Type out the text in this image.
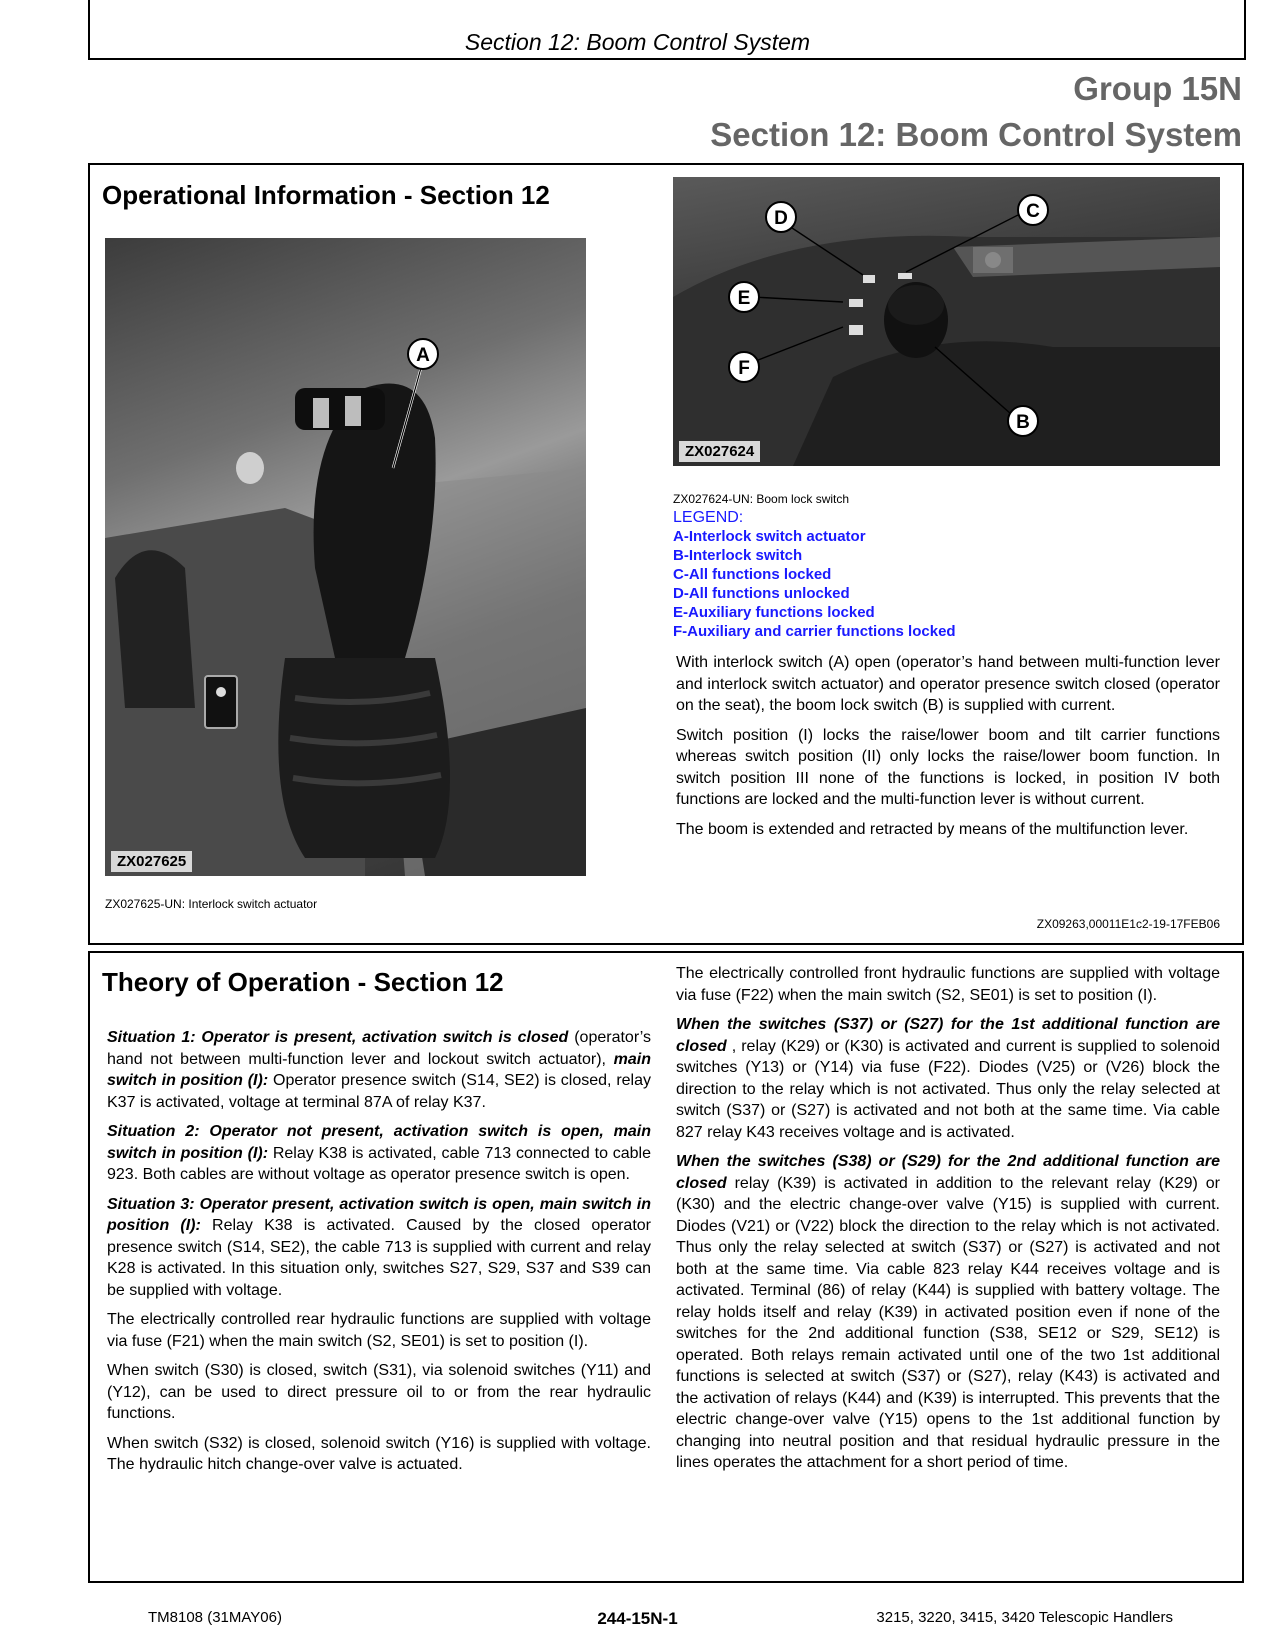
Section 12: Boom Control System
Group 15N
Section 12: Boom Control System
Operational Information - Section 12
A
ZX027625
ZX027625-UN: Interlock switch actuator
D	C
E
F
B
ZX027624
ZX027624-UN: Boom lock switch
LEGEND:
A-Interlock switch actuator
B-Interlock switch
C-All functions locked
D-All functions unlocked
E-Auxiliary functions locked
F-Auxiliary and carrier functions locked

With interlock switch (A) open (operator’s hand between multi-function lever and interlock switch actuator) and operator presence switch closed (operator on the seat), the boom lock switch (B) is supplied with current.

Switch position (I) locks the raise/lower boom and tilt carrier functions whereas switch position (II) only locks the raise/lower boom function. In switch position III none of the functions is locked, in position IV both functions are locked and the multi-function lever is without current.

The boom is extended and retracted by means of the multifunction lever.

ZX09263,00011E1c2-19-17FEB06
Theory of Operation - Section 12

Situation 1: Operator is present, activation switch is closed (operator’s hand not between multi-function lever and lockout switch actuator), main switch in position (I): Operator presence switch (S14, SE2) is closed, relay K37 is activated, voltage at terminal 87A of relay K37.

Situation 2: Operator not present, activation switch is open, main switch in position (I): Relay K38 is activated, cable 713 connected to cable 923. Both cables are without voltage as operator presence switch is open.

Situation 3: Operator present, activation switch is open, main switch in position (I): Relay K38 is activated. Caused by the closed operator presence switch (S14, SE2), the cable 713 is supplied with current and relay K28 is activated. In this situation only, switches S27, S29, S37 and S39 can be supplied with voltage.

The electrically controlled rear hydraulic functions are supplied with voltage via fuse (F21) when the main switch (S2, SE01) is set to position (I).

When switch (S30) is closed, switch (S31), via solenoid switches (Y11) and (Y12), can be used to direct pressure oil to or from the rear hydraulic functions.

When switch (S32) is closed, solenoid switch (Y16) is supplied with voltage. The hydraulic hitch change-over valve is actuated.

The electrically controlled front hydraulic functions are supplied with voltage via fuse (F22) when the main switch (S2, SE01) is set to position (I).

When the switches (S37) or (S27) for the 1st additional function are closed , relay (K29) or (K30) is activated and current is supplied to solenoid switches (Y13) or (Y14) via fuse (F22). Diodes (V25) or (V26) block the direction to the relay which is not activated. Thus only the relay selected at switch (S37) or (S27) is activated and not both at the same time. Via cable 827 relay K43 receives voltage and is activated.

When the switches (S38) or (S29) for the 2nd additional function are closed relay (K39) is activated in addition to the relevant relay (K29) or (K30) and the electric change-over valve (Y15) is supplied with current. Diodes (V21) or (V22) block the direction to the relay which is not activated. Thus only the relay selected at switch (S37) or (S27) is activated and not both at the same time. Via cable 823 relay K44 receives voltage and is activated. Terminal (86) of relay (K44) is supplied with battery voltage. The relay holds itself and relay (K39) in activated position even if none of the switches for the 2nd additional function (S38, SE12 or S29, SE12) is operated. Both relays remain activated until one of the two 1st additional functions is selected at switch (S37) or (S27), relay (K43) is activated and the activation of relays (K44) and (K39) is interrupted. This prevents that the electric change-over valve (Y15) opens to the 1st additional function by changing into neutral position and that residual hydraulic pressure in the lines operates the attachment for a short period of time.

TM8108 (31MAY06)	244-15N-1	3215, 3220, 3415, 3420 Telescopic Handlers
